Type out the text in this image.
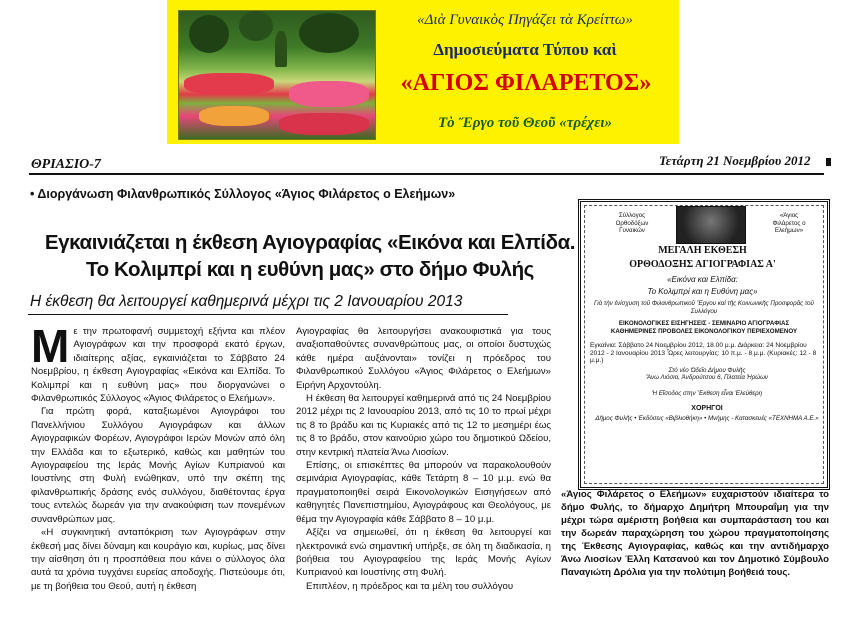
«Διὰ Γυναικὸς Πηγάζει τὰ Κρείττω»
Δημοσιεύματα Τύπου καὶ
«ΑΓΙΟΣ ΦΙΛΑΡΕΤΟΣ»
Τὸ Ἔργο τοῦ Θεοῦ «τρέχει»
ΘΡΙΑΣΙΟ-7	Τετάρτη 21 Νοεμβρίου 2012
• Διοργάνωση Φιλανθρωπικός Σύλλογος «Άγιος Φιλάρετος ο Ελεήμων»
Εγκαινιάζεται η έκθεση Αγιογραφίας «Εικόνα και Ελπίδα.
Το Κολιμπρί και η ευθύνη μας» στο δήμο Φυλής
Η έκθεση θα λειτουργεί καθημερινά μέχρι τις 2 Ιανουαρίου 2013

Με την πρωτοφανή συμμετοχή εξήντα και πλέον Αγιογράφων και την προσφορά εκατό έργων, ιδιαίτερης αξίας, εγκαινιάζεται το Σάββατο 24 Νοεμβρίου, η έκθεση Αγιογραφίας «Εικόνα και Ελπίδα. Το Κολιμπρί και η ευθύνη μας» που διοργανώνει ο Φιλανθρωπικός Σύλλογος «Άγιος Φιλάρετος ο Ελεήμων».

Για πρώτη φορά, καταξιωμένοι Αγιογράφοι του Πανελλήνιου Συλλόγου Αγιογράφων και άλλων Αγιογραφικών Φορέων, Αγιογράφοι Ιερών Μονών από όλη την Ελλάδα και το εξωτερικό, καθώς και μαθητών του Αγιογραφείου της Ιεράς Μονής Αγίων Κυπριανού και Ιουστίνης στη Φυλή ενώθηκαν, υπό την σκέπη της φιλανθρωπικής δράσης ενός συλλόγου, διαθέτοντας έργα τους εντελώς δωρεάν για την ανακούφιση των πονεμένων συνανθρώπων μας.

«Η συγκινητική ανταπόκριση των Αγιογράφων στην έκθεσή μας δίνει δύναμη και κουράγιο και, κυρίως, μας δίνει την αίσθηση ότι η προσπάθεια που κάνει ο σύλλογος όλα αυτά τα χρόνια τυγχάνει ευρείας αποδοχής. Πιστεύουμε ότι, με τη βοήθεια του Θεού, αυτή η έκθεση

Αγιογραφίας θα λειτουργήσει ανακουφιστικά για τους αναξιοπαθούντες συνανθρώπους μας, οι οποίοι δυστυχώς κάθε ημέρα αυξάνονται» τονίζει η πρόεδρος του Φιλανθρωπικού Συλλόγου «Άγιος Φιλάρετος ο Ελεήμων» Ειρήνη Αρχοντούλη.

Η έκθεση θα λειτουργεί καθημερινά από τις 24 Νοεμβρίου 2012 μέχρι τις 2 Ιανουαρίου 2013, από τις 10 το πρωί μέχρι τις 8 το βράδυ και τις Κυριακές από τις 12 το μεσημέρι έως τις 8 το βράδυ, στον καινούριο χώρο του δημοτικού Ωδείου, στην κεντρική πλατεία Άνω Λιοσίων.

Επίσης, οι επισκέπτες θα μπορούν να παρακολουθούν σεμινάρια Αγιογραφίας, κάθε Τετάρτη 8 – 10 μ.μ. ενώ θα πραγματοποιηθεί σειρά Εικονολογικών Εισηγήσεων από καθηγητές Πανεπιστημίου, Αγιογράφους και Θεολόγους, με θέμα την Αγιογραφία κάθε Σάββατο 8 – 10 μ.μ.

Αξίζει να σημειωθεί, ότι η έκθεση θα λειτουργεί και ηλεκτρονικά ενώ σημαντική υπήρξε, σε όλη τη διαδικασία, η βοήθεια του Αγιογραφείου της Ιεράς Μονής Αγίων Κυπριανού και Ιουστίνης στη Φυλή.

Επιπλέον, η πρόεδρος και τα μέλη του συλλόγου

Σύλλογος Ορθοδόξων Γυναικών
«Άγιος Φιλάρετος ο Ελεήμων»
ΜΕΓΑΛΗ ΕΚΘΕΣΗ
ΟΡΘΟΔΟΞΗΣ ΑΓΙΟΓΡΑΦΙΑΣ Α'
«Εικόνα και Ελπίδα:
Το Κολιμπρί και η Ευθύνη μας»
Γιά τὴν ἐνίσχυση τοῦ Φιλανθρωπικοῦ Ἔργου καὶ τῆς Κοινωνικῆς Προσφορᾶς τοῦ Συλλόγου
ΕΙΚΟΝΟΛΟΓΙΚΕΣ ΕΙΣΗΓΗΣΕΙΣ - ΣΕΜΙΝΑΡΙΟ ΑΓΙΟΓΡΑΦΙΑΣ
ΚΑΘΗΜΕΡΙΝΕΣ ΠΡΟΒΟΛΕΣ ΕΙΚΟΝΟΛΟΓΙΚΟΥ ΠΕΡΙΕΧΟΜΕΝΟΥ
Εγκαίνια: Σάββατο 24 Νοεμβρίου 2012, 18.00 μ.μ. Διάρκεια: 24 Νοεμβρίου 2012 - 2 Ιανουαρίου 2013 Ὧρες λειτουργίας: 10 π.μ. - 8 μ.μ. (Κυριακές: 12 - 8 μ.μ.)
Στὸ νέο Ὠδεῖο Δήμου Φυλῆς
Ἄνω Λιόσια, Ἀνδρούτσου 6, Πλατεία Ἡρώων
Ἡ Εἴσοδος στην Ἔκθεση εἶναι Ἐλεύθερη
ΧΟΡΗΓΟΙ
Δῆμος Φυλῆς • Ἐκδόσεις «Βιβλιοθήκη» • Μνήμης - Κατασκευές «ΤΕΧΝΗΜΑ Α.Ε.»
«Άγιος Φιλάρετος ο Ελεήμων» ευχαριστούν ιδιαίτερα το δήμο Φυλής, το δήμαρχο Δημήτρη Μπουραΐμη για την μέχρι τώρα αμέριστη βοήθεια και συμπαράσταση του και την δωρεάν παραχώρηση του χώρου πραγματοποίησης της Έκθεσης Αγιογραφίας, καθώς και την αντιδήμαρχο Άνω Λιοσίων Έλλη Κατσανού και τον Δημοτικό Σύμβουλο Παναγιώτη Δρόλια για την πολύτιμη βοήθειά τους.
